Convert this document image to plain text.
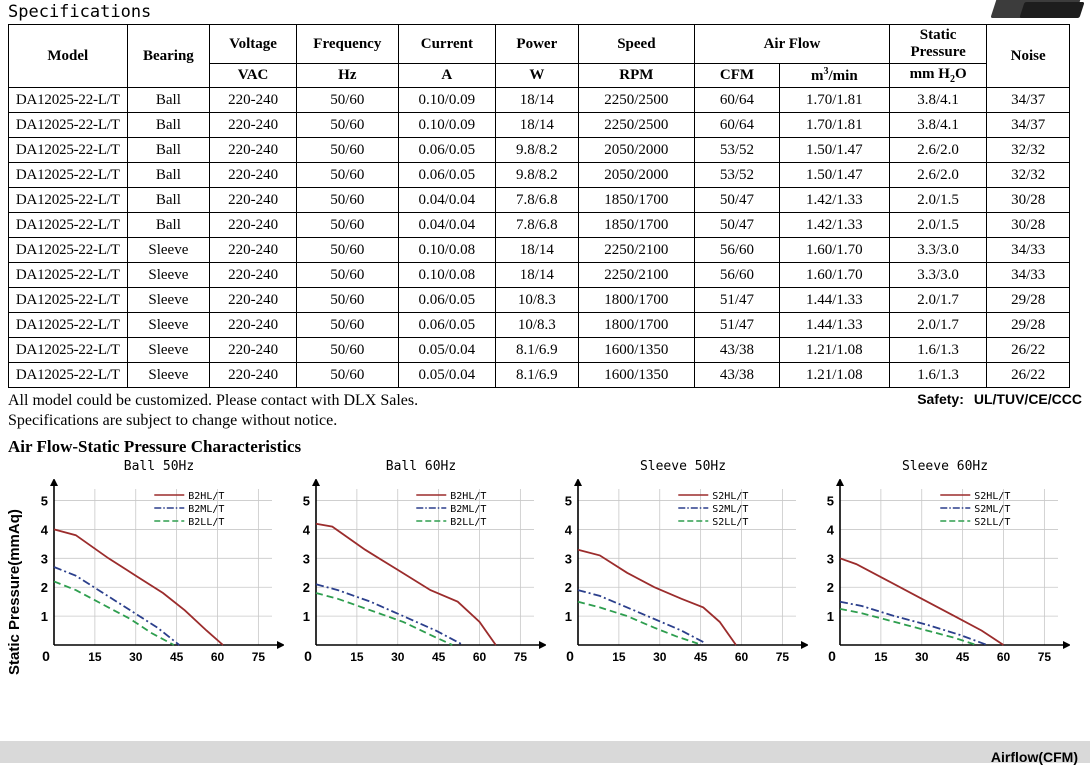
Specifications
Model	Bearing	Voltage	Frequency	Current	Power	Speed	Air Flow		Static Pressure	Noise
		VAC	Hz	A	W	RPM	CFM	$m^3/\min$	mm $H_2O$	
DA12025-22-L/T	Ball	220-240	50/60	0.10/0.09	18/14	2250/2500	60/64	1.70/1.81	3.8/4.1	34/37
DA12025-22-L/T	Ball	220-240	50/60	0.10/0.09	18/14	2250/2500	60/64	1.70/1.81	3.8/4.1	34/37
DA12025-22-L/T	Ball	220-240	50/60	0.06/0.05	9.8/8.2	2050/2000	53/52	1.50/1.47	2.6/2.0	32/32
DA12025-22-L/T	Ball	220-240	50/60	0.06/0.05	9.8/8.2	2050/2000	53/52	1.50/1.47	2.6/2.0	32/32
DA12025-22-L/T	Ball	220-240	50/60	0.04/0.04	7.8/6.8	1850/1700	50/47	1.42/1.33	2.0/1.5	30/28
DA12025-22-L/T	Ball	220-240	50/60	0.04/0.04	7.8/6.8	1850/1700	50/47	1.42/1.33	2.0/1.5	30/28
DA12025-22-L/T	Sleeve	220-240	50/60	0.10/0.08	18/14	2250/2100	56/60	1.60/1.70	3.3/3.0	34/33
DA12025-22-L/T	Sleeve	220-240	50/60	0.10/0.08	18/14	2250/2100	56/60	1.60/1.70	3.3/3.0	34/33
DA12025-22-L/T	Sleeve	220-240	50/60	0.06/0.05	10/8.3	1800/1700	51/47	1.44/1.33	2.0/1.7	29/28
DA12025-22-L/T	Sleeve	220-240	50/60	0.06/0.05	10/8.3	1800/1700	51/47	1.44/1.33	2.0/1.7	29/28
DA12025-22-L/T	Sleeve	220-240	50/60	0.05/0.04	8.1/6.9	1600/1350	43/38	1.21/1.08	1.6/1.3	26/22
DA12025-22-L/T	Sleeve	220-240	50/60	0.05/0.04	8.1/6.9	1600/1350	43/38	1.21/1.08	1.6/1.3	26/22
All model could be customized. Please contact with DLX Sales.
Specifications are subject to change without notice.
Safety: UL/TUV/CE/CCC
Air Flow-Static Pressure Characteristics
Static Pressure(mmAq)
Ball 50Hz
0	15 30 45 60 75
1
2
3
4
5	B2HL/T
B2ML/T
B2LL/T
Ball 60Hz
0	15 30 45 60 75
1
2
3
4
5	B2HL/T
B2ML/T
B2LL/T
Sleeve 50Hz
0	15 30 45 60 75
1
2
3
4
5	S2HL/T
S2ML/T
S2LL/T
Sleeve 60Hz
0	15 30 45 60 75
1
2
3
4
5	S2HL/T
S2ML/T
S2LL/T
Airflow(CFM)
